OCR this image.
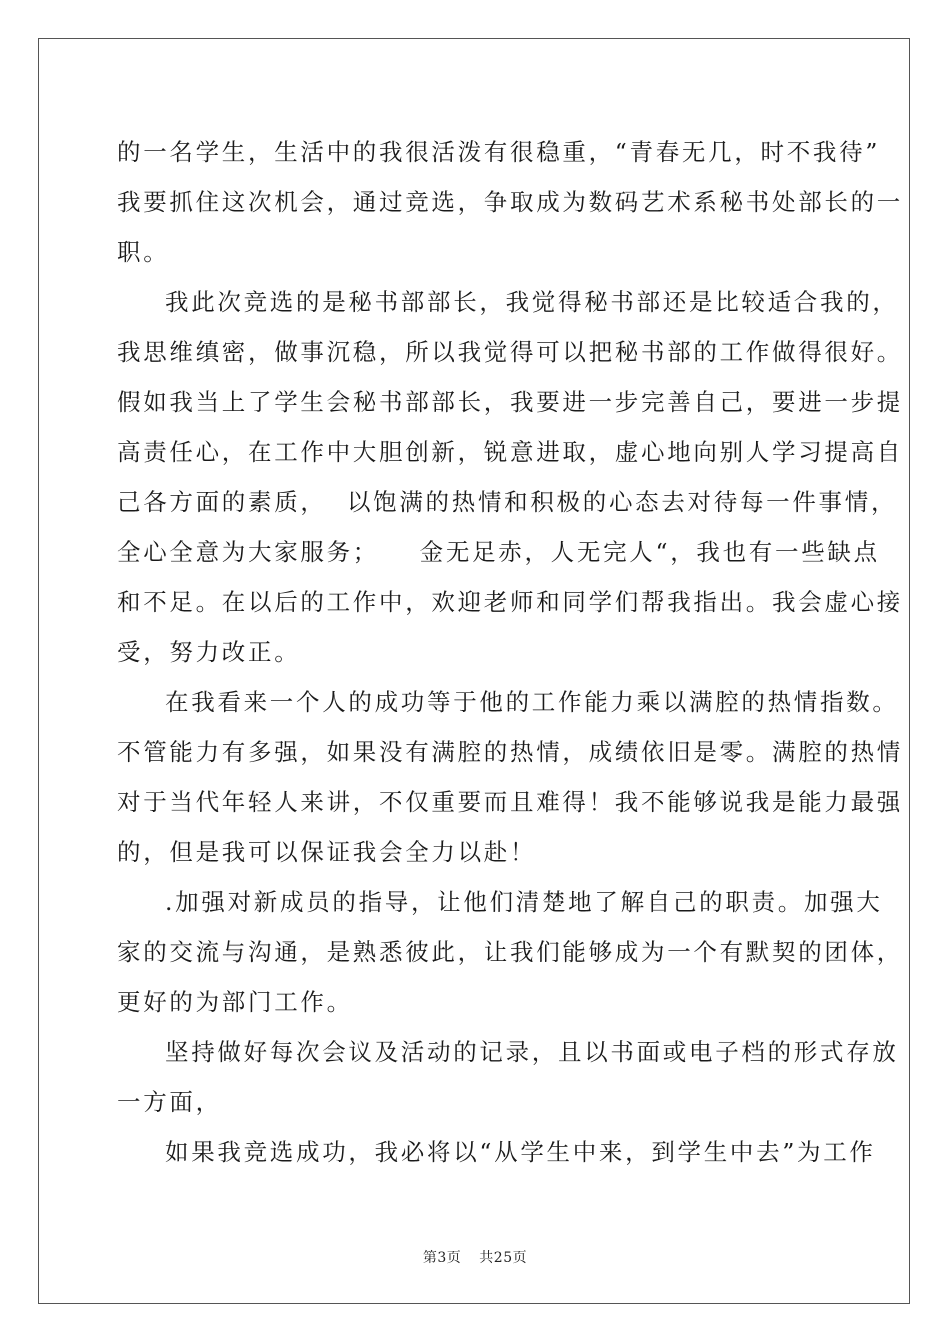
的一名学生，生活中的我很活泼有很稳重，“青春无几，时不我待”
我要抓住这次机会，通过竞选，争取成为数码艺术系秘书处部长的一
职。
我此次竞选的是秘书部部长，我觉得秘书部还是比较适合我的，
我思维缜密，做事沉稳，所以我觉得可以把秘书部的工作做得很好。
假如我当上了学生会秘书部部长，我要进一步完善自己，要进一步提
高责任心，在工作中大胆创新，锐意进取，虚心地向别人学习提高自
己各方面的素质，  以饱满的热情和积极的心态去对待每一件事情，
全心全意为大家服务；    金无足赤，人无完人“，我也有一些缺点
和不足。在以后的工作中，欢迎老师和同学们帮我指出。我会虚心接
受，努力改正。
在我看来一个人的成功等于他的工作能力乘以满腔的热情指数。
不管能力有多强，如果没有满腔的热情，成绩依旧是零。满腔的热情
对于当代年轻人来讲，不仅重要而且难得！我不能够说我是能力最强
的，但是我可以保证我会全力以赴！
.加强对新成员的指导，让他们清楚地了解自己的职责。加强大
家的交流与沟通，是熟悉彼此，让我们能够成为一个有默契的团体，
更好的为部门工作。
坚持做好每次会议及活动的记录，且以书面或电子档的形式存放
一方面，
如果我竞选成功，我必将以“从学生中来，到学生中去”为工作
第3页 共25页
